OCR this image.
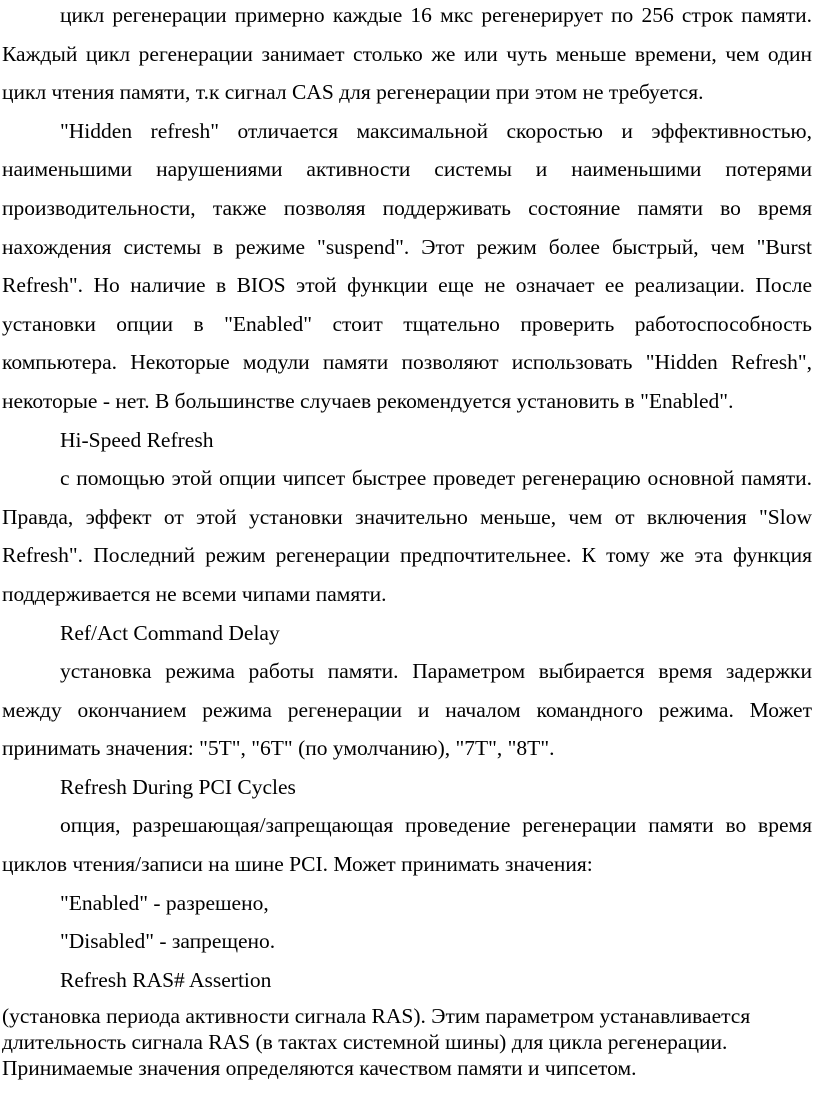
цикл регенерации примерно каждые 16 мкс регенерирует по 256 строк памяти. Каждый цикл регенерации занимает столько же или чуть меньше времени, чем один цикл чтения памяти, т.к сигнал CAS для регенерации при этом не требуется.

"Hidden refresh" отличается максимальной скоростью и эффективностью, наименьшими нарушениями активности системы и наименьшими потерями производительности, также позволяя поддерживать состояние памяти во время нахождения системы в режиме "suspend". Этот режим более быстрый, чем "Burst Refresh". Но наличие в BIOS этой функции еще не означает ее реализации. После установки опции в "Enabled" стоит тщательно проверить работоспособность компьютера. Некоторые модули памяти позволяют использовать "Hidden Refresh", некоторые - нет. В большинстве случаев рекомендуется установить в "Enabled".

Hi-Speed Refresh

с помощью этой опции чипсет быстрее проведет регенерацию основной памяти. Правда, эффект от этой установки значительно меньше, чем от включения "Slow Refresh". Последний режим регенерации предпочтительнее. К тому же эта функция поддерживается не всеми чипами памяти.

Ref/Act Command Delay

установка режима работы памяти. Параметром выбирается время задержки между окончанием режима регенерации и началом командного режима. Может принимать значения: "5T", "6T" (по умолчанию), "7T", "8T".

Refresh During PCI Cycles

опция, разрешающая/запрещающая проведение регенерации памяти во время циклов чтения/записи на шине PCI. Может принимать значения:

"Enabled" - разрешено,

"Disabled" - запрещено.

Refresh RAS# Assertion

(установка периода активности сигнала RAS). Этим параметром устанавливается длительность сигнала RAS (в тактах системной шины) для цикла регенерации. Принимаемые значения определяются качеством памяти и чипсетом.
